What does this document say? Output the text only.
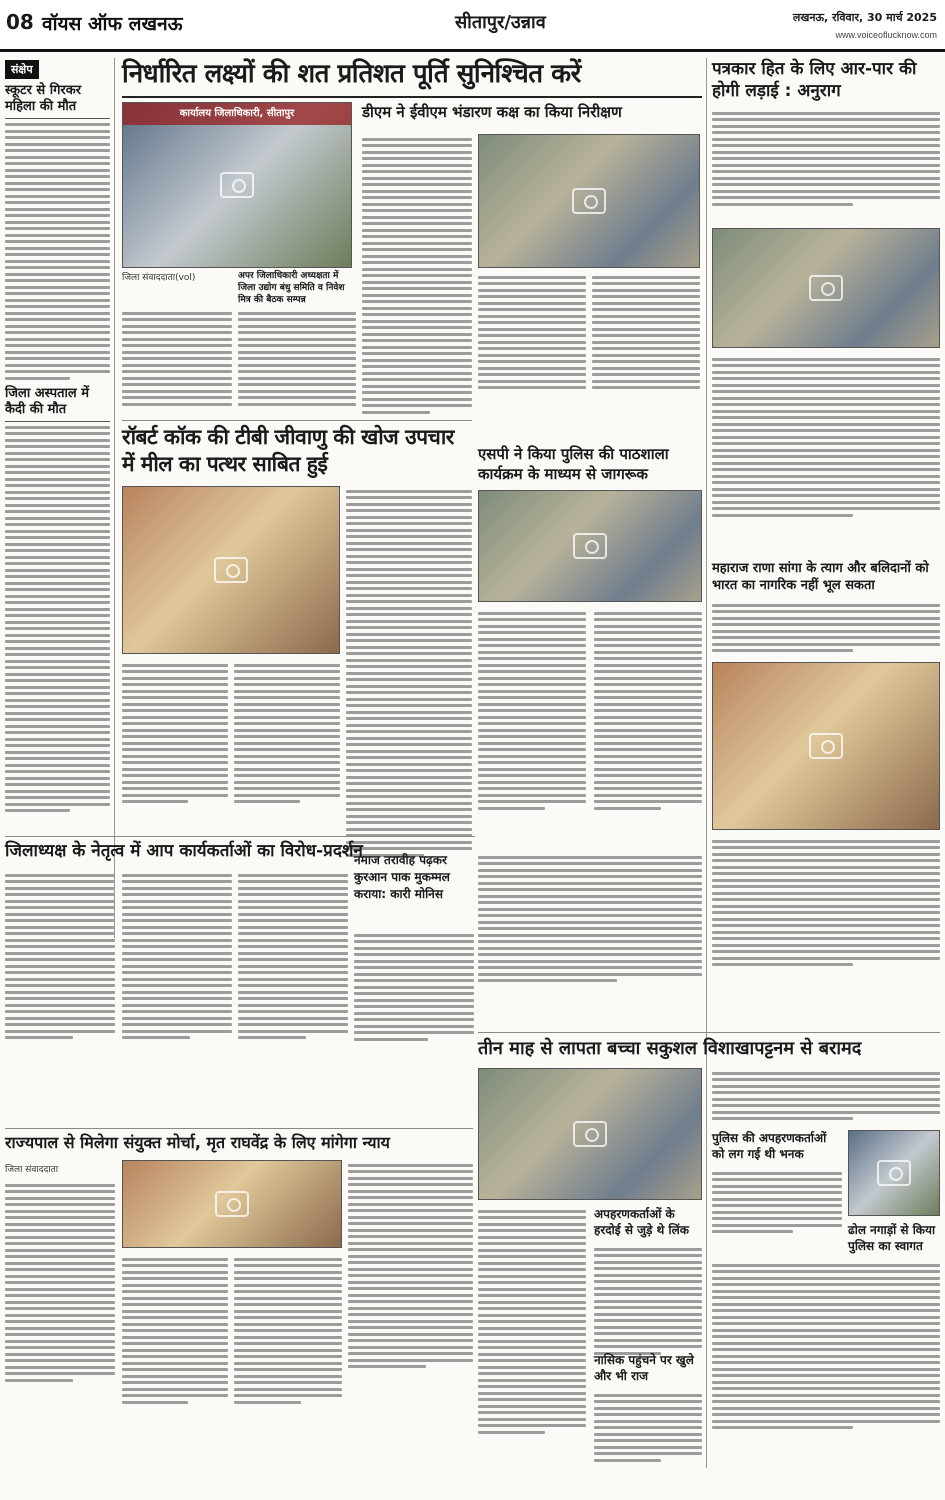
08 वॉयस ऑफ लखनऊ	सीतापुर/उन्नाव	लखनऊ, रविवार, 30 मार्च 2025
www.voiceoflucknow.com
संक्षेप
स्कूटर से गिरकर महिला की मौत
जिला अस्पताल में कैदी की मौत
निर्धारित लक्ष्यों की शत प्रतिशत पूर्ति सुनिश्चित करें
कार्यालय जिलाधिकारी, सीतापुर
जिला संवाददाता(vol)	अपर जिलाधिकारी अध्यक्षता में जिला उद्योग बंधु समिति व निवेश मित्र की बैठक सम्पन्न
डीएम ने ईवीएम भंडारण कक्ष का किया निरीक्षण
रॉबर्ट कॉक की टीबी जीवाणु की खोज उपचार में मील का पत्थर साबित हुई	एसपी ने किया पुलिस की पाठशाला कार्यक्रम के माध्यम से जागरूक
जिलाध्यक्ष के नेतृत्व में आप कार्यकर्ताओं का विरोध-प्रदर्शन
नमाज तरावीह पढ़कर कुरआन पाक मुकम्मल कराया: कारी मोनिस
पत्रकार हित के लिए आर-पार की होगी लड़ाई : अनुराग
महाराज राणा सांगा के त्याग और बलिदानों को भारत का नागरिक नहीं भूल सकता
तीन माह से लापता बच्चा सकुशल विशाखापट्टनम से बरामद
अपहरणकर्ताओं के हरदोई से जुड़े थे लिंक
नासिक पहुंचने पर खुले और भी राज
पुलिस की अपहरणकर्ताओं को लग गई थी भनक
ढोल नगाड़ों से किया पुलिस का स्वागत
राज्यपाल से मिलेगा संयुक्त मोर्चा, मृत राघवेंद्र के लिए मांगेगा न्याय
जिला संवाददाता
